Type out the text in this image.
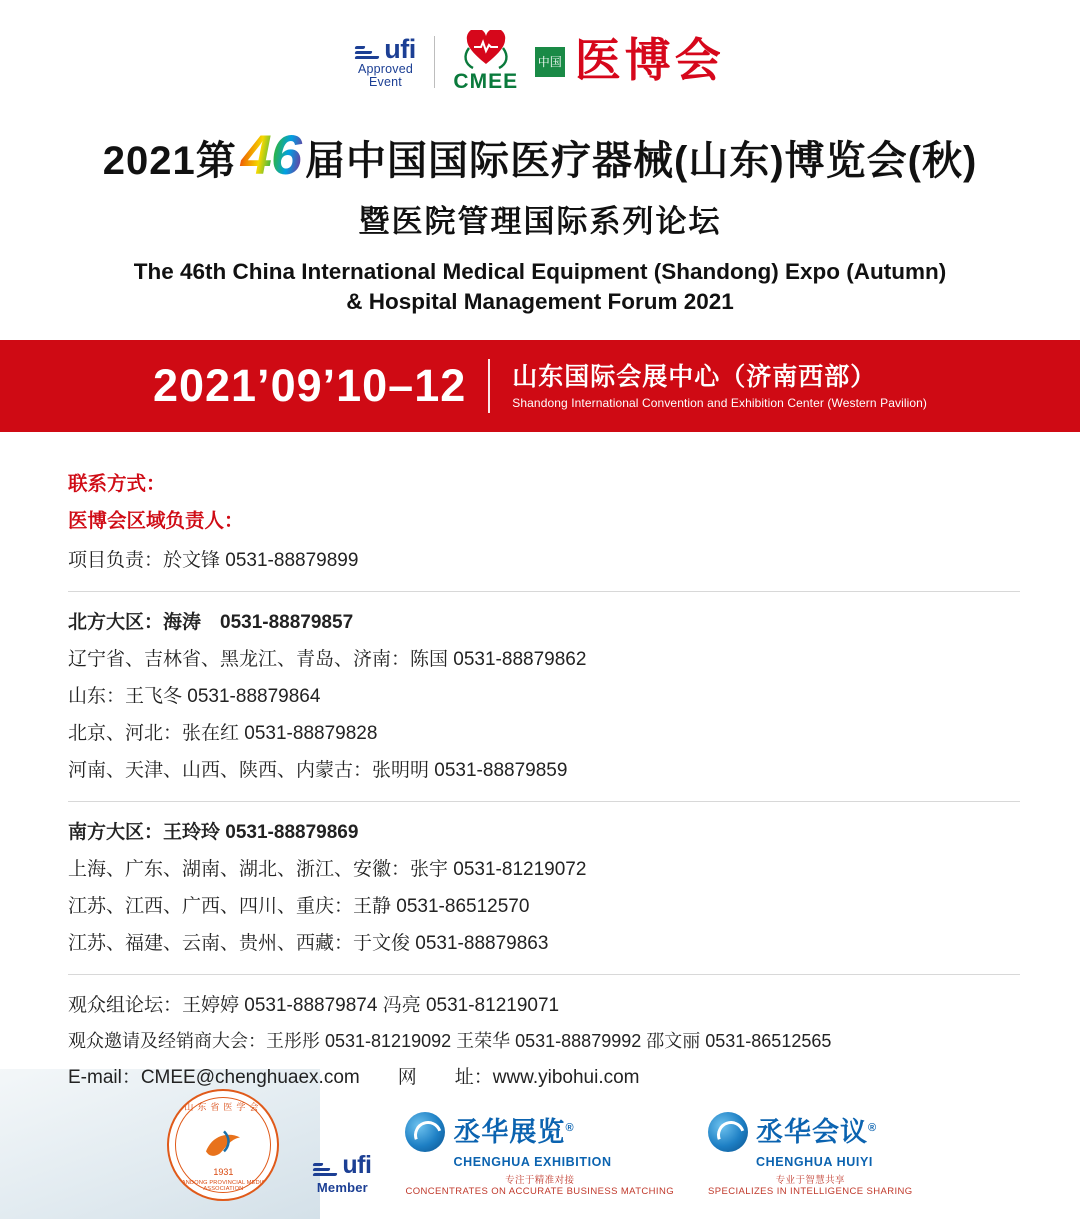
ufi
Approved
Event CMEE
中国 医博会
2021第46 届中国国际医疗器械(山东)博览会(秋)
暨医院管理国际系列论坛
The 46th China International Medical Equipment (Shandong) Expo (Autumn)
& Hospital Management Forum 2021
2021’09’10–12 山东国际会展中心（济南西部）
Shandong International Convention and Exhibition Center (Western Pavilion)
联系方式：
医博会区域负责人：
项目负责：於文锋 0531-88879899
北方大区：海涛　0531-88879857
辽宁省、吉林省、黑龙江、青岛、济南：陈国 0531-88879862
山东：王飞冬 0531-88879864
北京、河北：张在红 0531-88879828
河南、天津、山西、陕西、内蒙古：张明明 0531-88879859
南方大区：王玲玲 0531-88879869
上海、广东、湖南、湖北、浙江、安徽：张宇 0531-81219072
江苏、江西、广西、四川、重庆：王静 0531-86512570
江苏、福建、云南、贵州、西藏：于文俊 0531-88879863
观众组论坛：王婷婷 0531-88879874 冯亮 0531-81219071
观众邀请及经销商大会：王彤彤 0531-81219092 王荣华 0531-88879992 邵文丽 0531-86512565
E-mail：CMEE@chenghuaex.com　　网　　址：www.yibohui.com
山东省医学会
1931
SHANDONG PROVINCIAL MEDICAL ASSOCIATION
ufi
Member
丞华展览®
CHENGHUA EXHIBITION
专注于精准对接
CONCENTRATES ON ACCURATE BUSINESS MATCHING
丞华会议®
CHENGHUA HUIYI
专业于智慧共享
SPECIALIZES IN INTELLIGENCE SHARING
